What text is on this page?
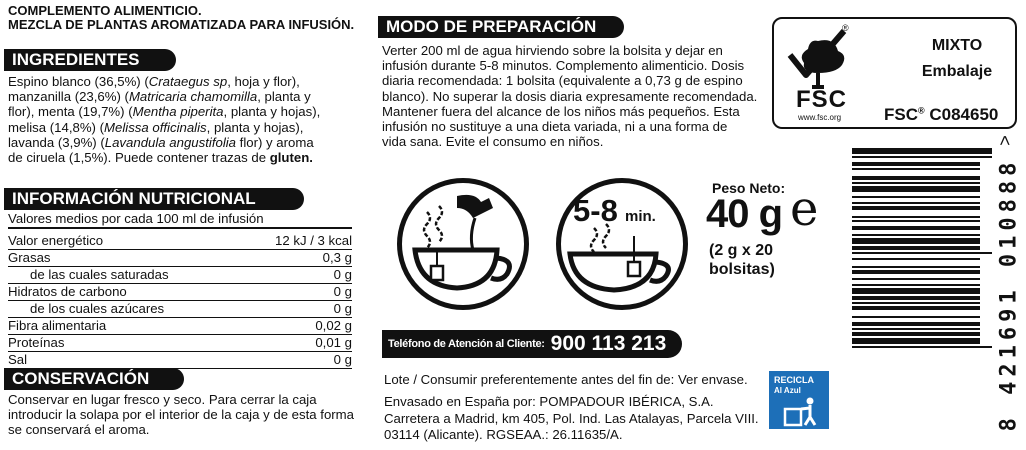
COMPLEMENTO ALIMENTICIO.
MEZCLA DE PLANTAS AROMATIZADA PARA INFUSIÓN.
INGREDIENTES
Espino blanco (36,5%) (Crataegus sp, hoja y flor),
manzanilla (23,6%) (Matricaria chamomilla, planta y
flor), menta (19,7%) (Mentha piperita, planta y hojas),
melisa (14,8%) (Melissa officinalis, planta y hojas),
lavanda (3,9%) (Lavandula angustifolia flor) y aroma
de ciruela (1,5%). Puede contener trazas de gluten.
INFORMACIÓN NUTRICIONAL
Valores medios por cada 100 ml de infusión
Valor energético	12 kJ / 3 kcal
Grasas	0,3 g
de las cuales saturadas	0 g
Hidratos de carbono	0 g
de los cuales azúcares	0 g
Fibra alimentaria	0,02 g
Proteínas	0,01 g
Sal	0 g
CONSERVACIÓN
Conservar en lugar fresco y seco. Para cerrar la caja
introducir la solapa por el interior de la caja y de esta forma
se conservará el aroma.
MODO DE PREPARACIÓN
Verter 200 ml de agua hirviendo sobre la bolsita y dejar en
infusión durante 5-8 minutos. Complemento alimenticio. Dosis
diaria recomendada: 1 bolsita (equivalente a 0,73 g de espino
blanco). No superar la dosis diaria expresamente recomendada.
Mantener fuera del alcance de los niños más pequeños. Esta
infusión no sustituye a una dieta variada, ni a una forma de
vida sana. Evite el consumo en niños.
5-8 min.
Peso Neto:
40 g e
(2 g x 20
bolsitas)
Teléfono de Atención al Cliente: 900 113 213
Lote / Consumir preferentemente antes del fin de: Ver envase.
Envasado en España por: POMPADOUR IBÉRICA, S.A.
Carretera a Madrid, km 405, Pol. Ind. Las Atalayas, Parcela VIII.
03114 (Alicante). RGSEAA.: 26.11635/A.
®
FSC
www.fsc.org
MIXTO
Embalaje
FSC® C084650
RECICLA
Al Azul	8 421691 010888
>
